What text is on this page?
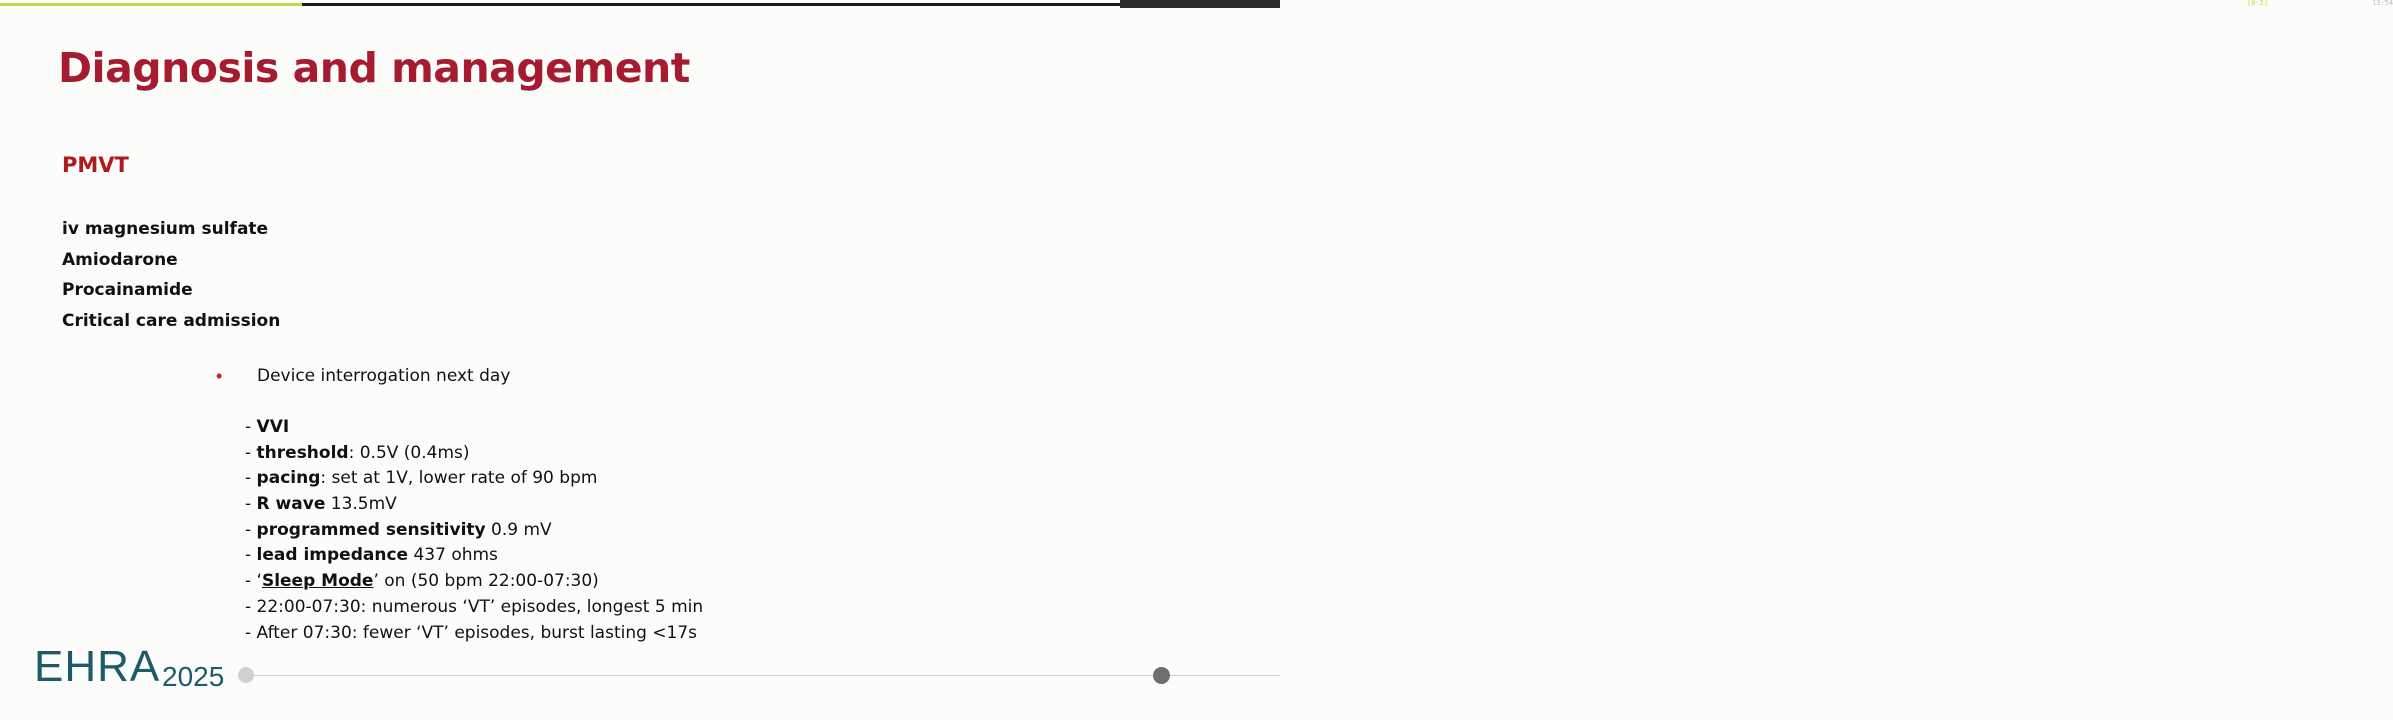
[0:2]	13:54
Diagnosis and management
PMVT
iv magnesium sulfate
Amiodarone
Procainamide
Critical care admission
• Device interrogation next day
- VVI
- threshold: 0.5V (0.4ms)
- pacing: set at 1V, lower rate of 90 bpm
- R wave 13.5mV
- programmed sensitivity 0.9 mV
- lead impedance 437 ohms
- ‘Sleep Mode’ on (50 bpm 22:00-07:30)
- 22:00-07:30: numerous ‘VT’ episodes, longest 5 min
- After 07:30: fewer ‘VT’ episodes, burst lasting <17s
EHRA 2025
